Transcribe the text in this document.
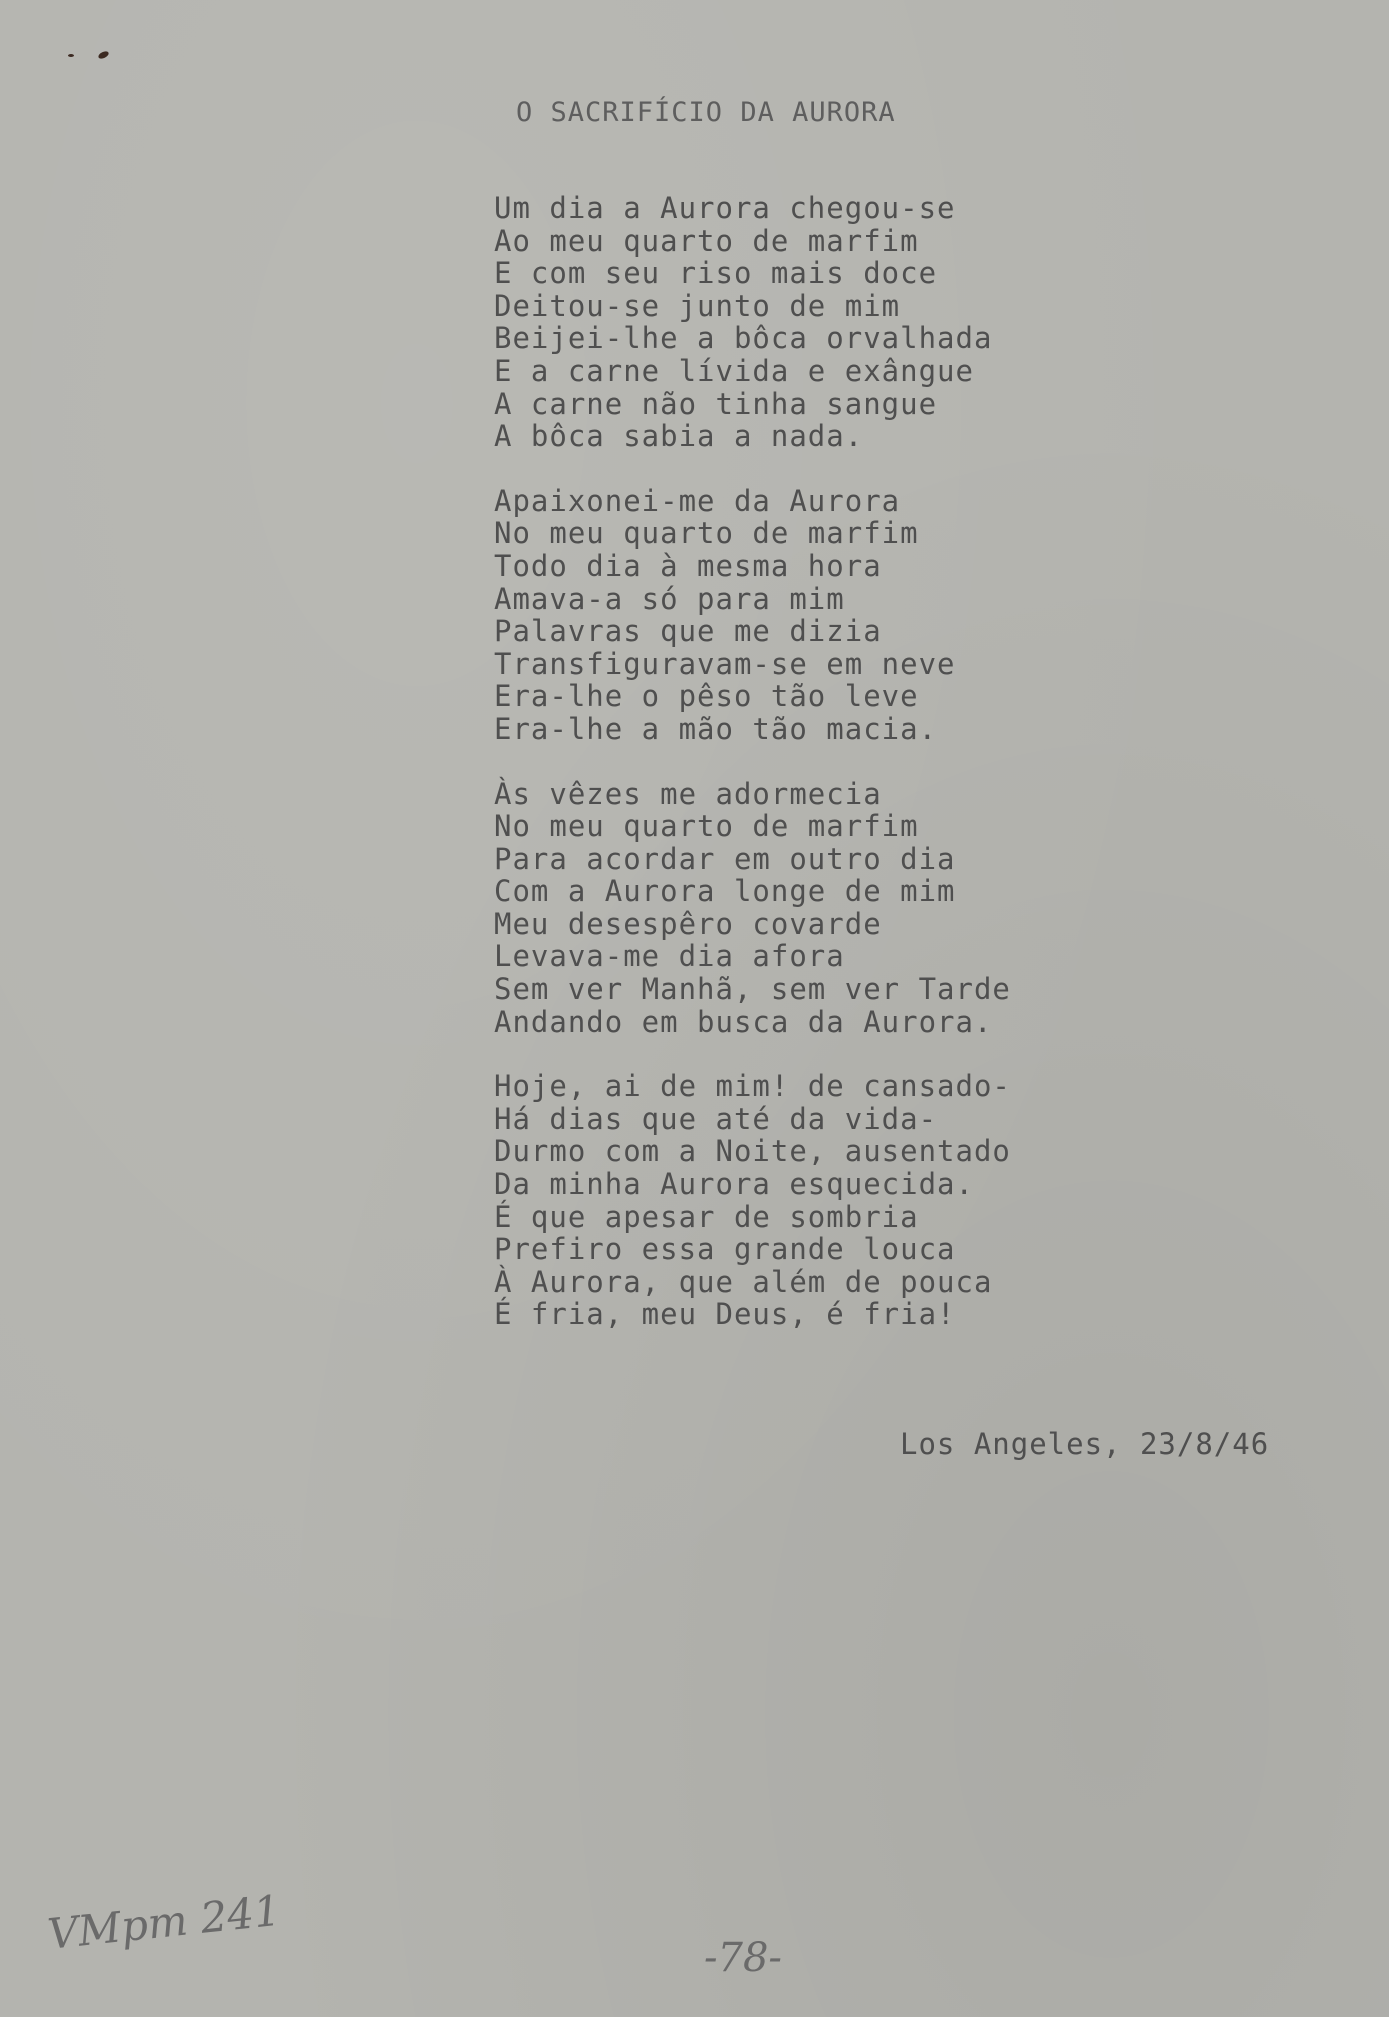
O SACRIFÍCIO DA AURORA
Um dia a Aurora chegou-se
Ao meu quarto de marfim
E com seu riso mais doce
Deitou-se junto de mim
Beijei-lhe a bôca orvalhada
E a carne lívida e exângue
A carne não tinha sangue
A bôca sabia a nada.
Apaixonei-me da Aurora
No meu quarto de marfim
Todo dia à mesma hora
Amava-a só para mim
Palavras que me dizia
Transfiguravam-se em neve
Era-lhe o pêso tão leve
Era-lhe a mão tão macia.
Às vêzes me adormecia
No meu quarto de marfim
Para acordar em outro dia
Com a Aurora longe de mim
Meu desespêro covarde
Levava-me dia afora
Sem ver Manhã, sem ver Tarde
Andando em busca da Aurora.
Hoje, ai de mim! de cansado-
Há dias que até da vida-
Durmo com a Noite, ausentado
Da minha Aurora esquecida.
É que apesar de sombria
Prefiro essa grande louca
À Aurora, que além de pouca
É fria, meu Deus, é fria!
Los Angeles, 23/8/46
VMpm 241	-78-
